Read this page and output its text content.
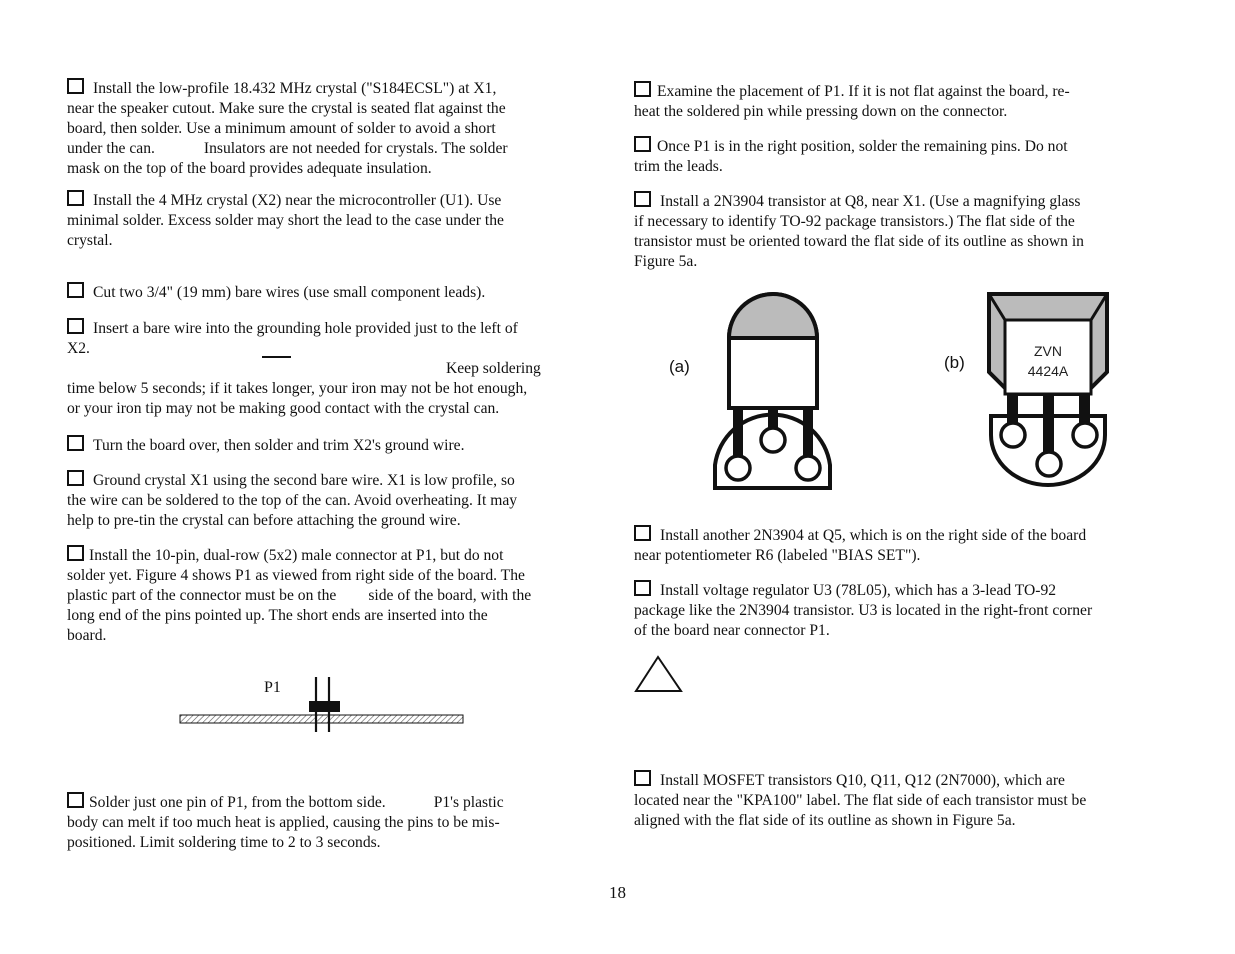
Install the low-profile 18.432 MHz crystal ("S184ECSL") at X1,
near the speaker cutout. Make sure the crystal is seated flat against the
board, then solder. Use a minimum amount of solder to avoid a short
under the can.	Insulators are not needed for crystals. The solder
mask on the top of the board provides adequate insulation.

Install the 4 MHz crystal (X2) near the microcontroller (U1). Use
minimal solder. Excess solder may short the lead to the case under the
crystal.

Cut two 3/4" (19 mm) bare wires (use small component leads).

Insert a bare wire into the grounding hole provided just to the left of
X2.
Keep soldering
time below 5 seconds; if it takes longer, your iron may not be hot enough,
or your iron tip may not be making good contact with the crystal can.

Turn the board over, then solder and trim X2's ground wire.

Ground crystal X1 using the second bare wire. X1 is low profile, so
the wire can be soldered to the top of the can. Avoid overheating. It may
help to pre-tin the crystal can before attaching the ground wire.

Install the 10-pin, dual-row (5x2) male connector at P1, but do not
solder yet. Figure 4 shows P1 as viewed from right side of the board. The
plastic part of the connector must be on the side of the board, with the
long end of the pins pointed up. The short ends are inserted into the
board.

P1

Solder just one pin of P1, from the bottom side.	P1's plastic
body can melt if too much heat is applied, causing the pins to be mis-
positioned. Limit soldering time to 2 to 3 seconds.

Examine the placement of P1. If it is not flat against the board, re-
heat the soldered pin while pressing down on the connector.

Once P1 is in the right position, solder the remaining pins. Do not
trim the leads.

Install a 2N3904 transistor at Q8, near X1. (Use a magnifying glass
if necessary to identify TO-92 package transistors.) The flat side of the
transistor must be oriented toward the flat side of its outline as shown in
Figure 5a.

(a)	(b)
ZVN
4424A

Install another 2N3904 at Q5, which is on the right side of the board
near potentiometer R6 (labeled "BIAS SET").

Install voltage regulator U3 (78L05), which has a 3-lead TO-92
package like the 2N3904 transistor. U3 is located in the right-front corner
of the board near connector P1.

Install MOSFET transistors Q10, Q11, Q12 (2N7000), which are
located near the "KPA100" label. The flat side of each transistor must be
aligned with the flat side of its outline as shown in Figure 5a.

18
